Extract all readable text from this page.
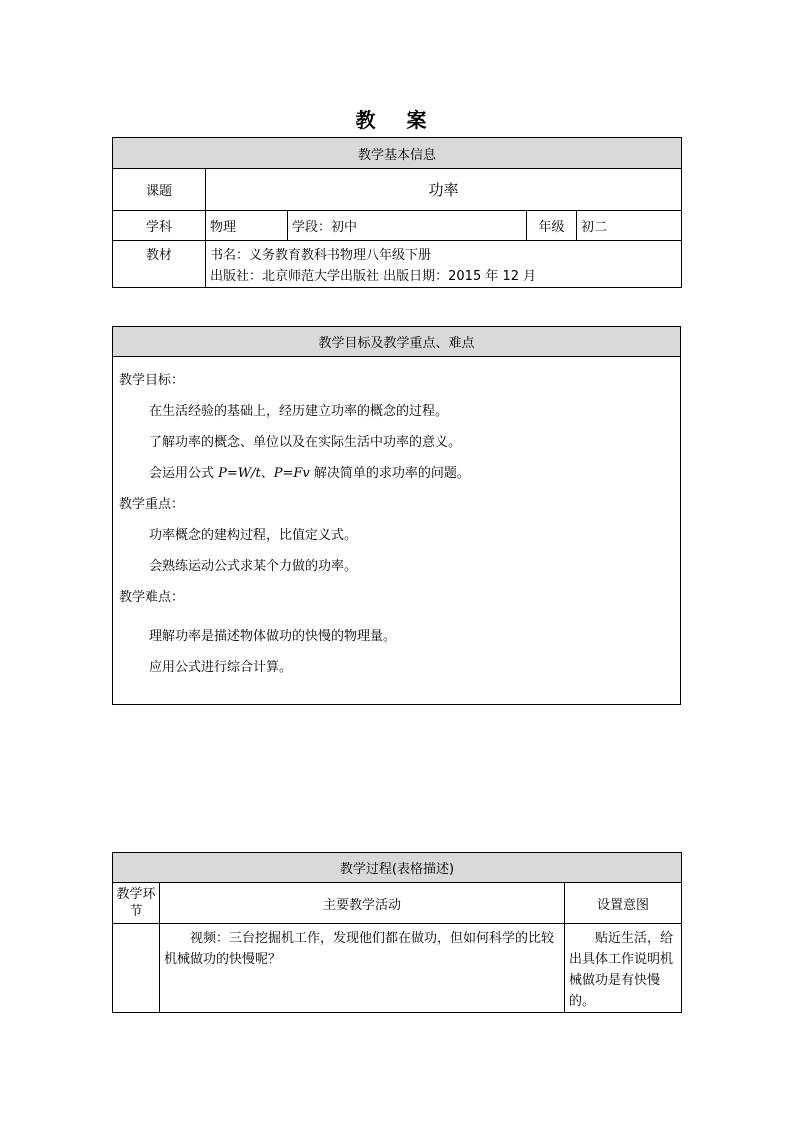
教 案
教学基本信息				
课题	功率			
学科	物理	学段：初中	年级	初二
教材	书名：义务教育教科书物理八年级下册
出版社：北京师范大学出版社 出版日期：2015 年 12 月			
教学目标及教学重点、难点

教学目标：

在生活经验的基础上，经历建立功率的概念的过程。

了解功率的概念、单位以及在实际生活中功率的意义。

会运用公式 P=W/t、P=Fv 解决简单的求功率的问题。

教学重点：

功率概念的建构过程，比值定义式。

会熟练运动公式求某个力做的功率。

教学难点：

理解功率是描述物体做功的快慢的物理量。

应用公式进行综合计算。

教学过程(表格描述)		
教学环节	主要教学活动	设置意图
	视频：三台挖掘机工作，发现他们都在做功，但如何科学的比较机械做功的快慢呢？	贴近生活，给出具体工作说明机械做功是有快慢的。
